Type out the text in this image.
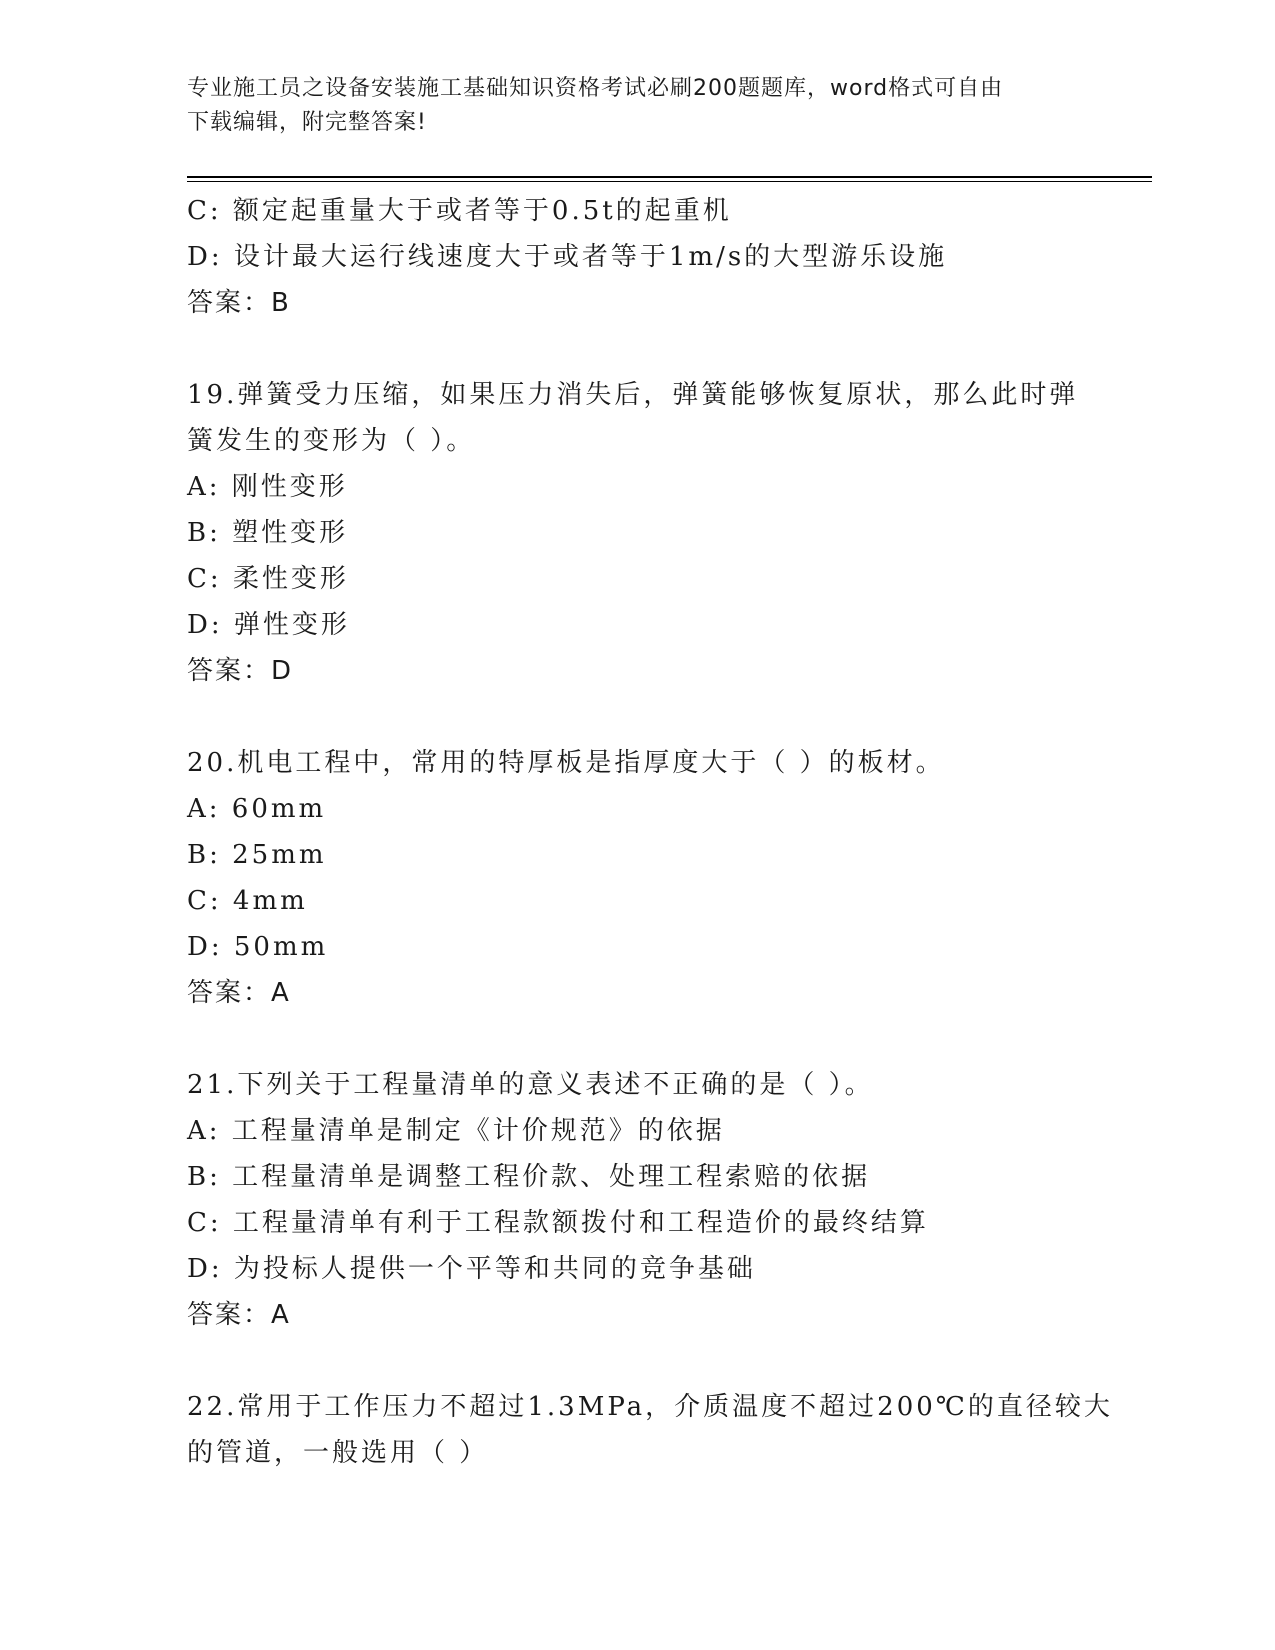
专业施工员之设备安装施工基础知识资格考试必刷200题题库，word格式可自由
下载编辑，附完整答案!
C: 额定起重量大于或者等于0.5t的起重机
D: 设计最大运行线速度大于或者等于1m/s的大型游乐设施
答案：B
19.弹簧受力压缩，如果压力消失后，弹簧能够恢复原状，那么此时弹
簧发生的变形为（ ）。
A: 刚性变形
B: 塑性变形
C: 柔性变形
D: 弹性变形
答案：D
20.机电工程中，常用的特厚板是指厚度大于（ ）的板材。
A: 60mm
B: 25mm
C: 4mm
D: 50mm
答案：A
21.下列关于工程量清单的意义表述不正确的是（ ）。
A: 工程量清单是制定《计价规范》的依据
B: 工程量清单是调整工程价款、处理工程索赔的依据
C: 工程量清单有利于工程款额拨付和工程造价的最终结算
D: 为投标人提供一个平等和共同的竞争基础
答案：A
22.常用于工作压力不超过1.3MPa，介质温度不超过200℃的直径较大
的管道，一般选用（ ）
